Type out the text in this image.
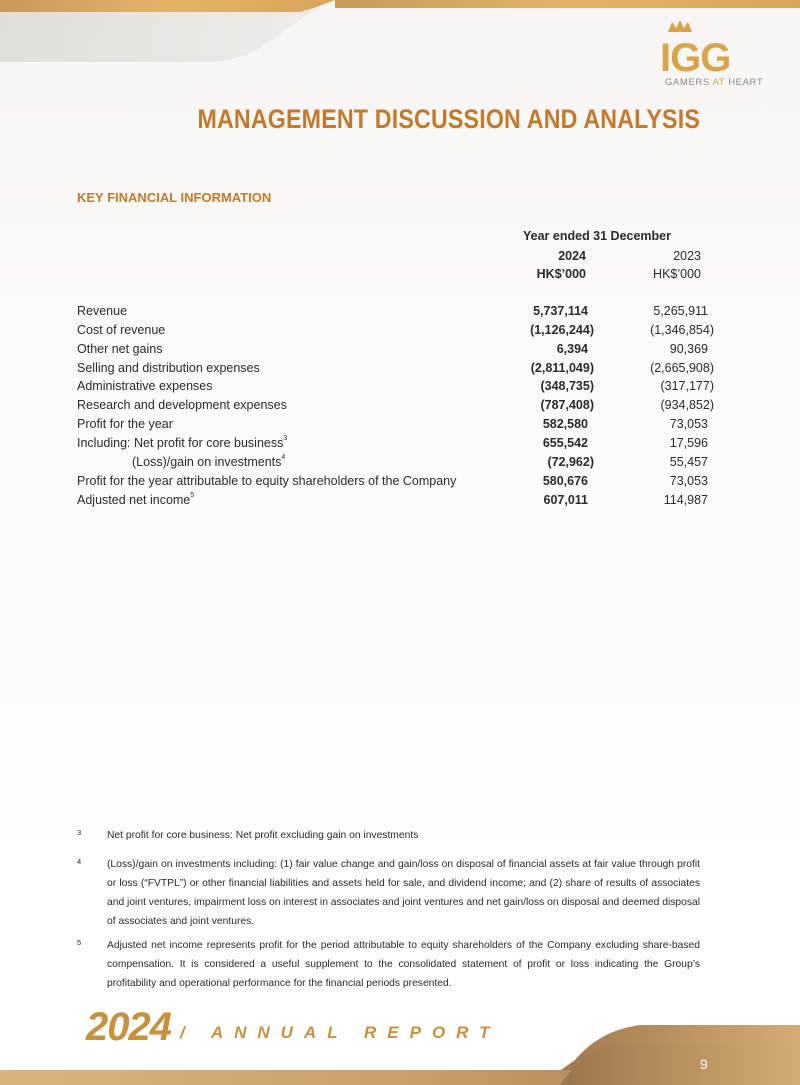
IGG
GAMERS AT HEART
MANAGEMENT DISCUSSION AND ANALYSIS
KEY FINANCIAL INFORMATION
Year ended 31 December
2024	2023
HK$’000	HK$’000
Revenue	5,737,114	5,265,911
Cost of revenue	(1,126,244)	(1,346,854)
Other net gains	6,394	90,369
Selling and distribution expenses	(2,811,049)	(2,665,908)
Administrative expenses	(348,735)	(317,177)
Research and development expenses	(787,408)	(934,852)
Profit for the year	582,580	73,053
Including: Net profit for core business$^3$	655,542	17,596
(Loss)/gain on investments$^4$	(72,962)	55,457
Profit for the year attributable to equity shareholders of the Company	580,676	73,053
Adjusted net income$^5$	607,011	114,987
3	Net profit for core business: Net profit excluding gain on investments
4	(Loss)/gain on investments including: (1) fair value change and gain/loss on disposal of financial assets at fair value through profit or loss (“FVTPL”) or other financial liabilities and assets held for sale, and dividend income; and (2) share of results of associates and joint ventures, impairment loss on interest in associates and joint ventures and net gain/loss on disposal and deemed disposal of associates and joint ventures.
5	Adjusted net income represents profit for the period attributable to equity shareholders of the Company excluding share-based compensation. It is considered a useful supplement to the consolidated statement of profit or loss indicating the Group’s profitability and operational performance for the financial periods presented.
2024 / ANNUAL REPORT
9
